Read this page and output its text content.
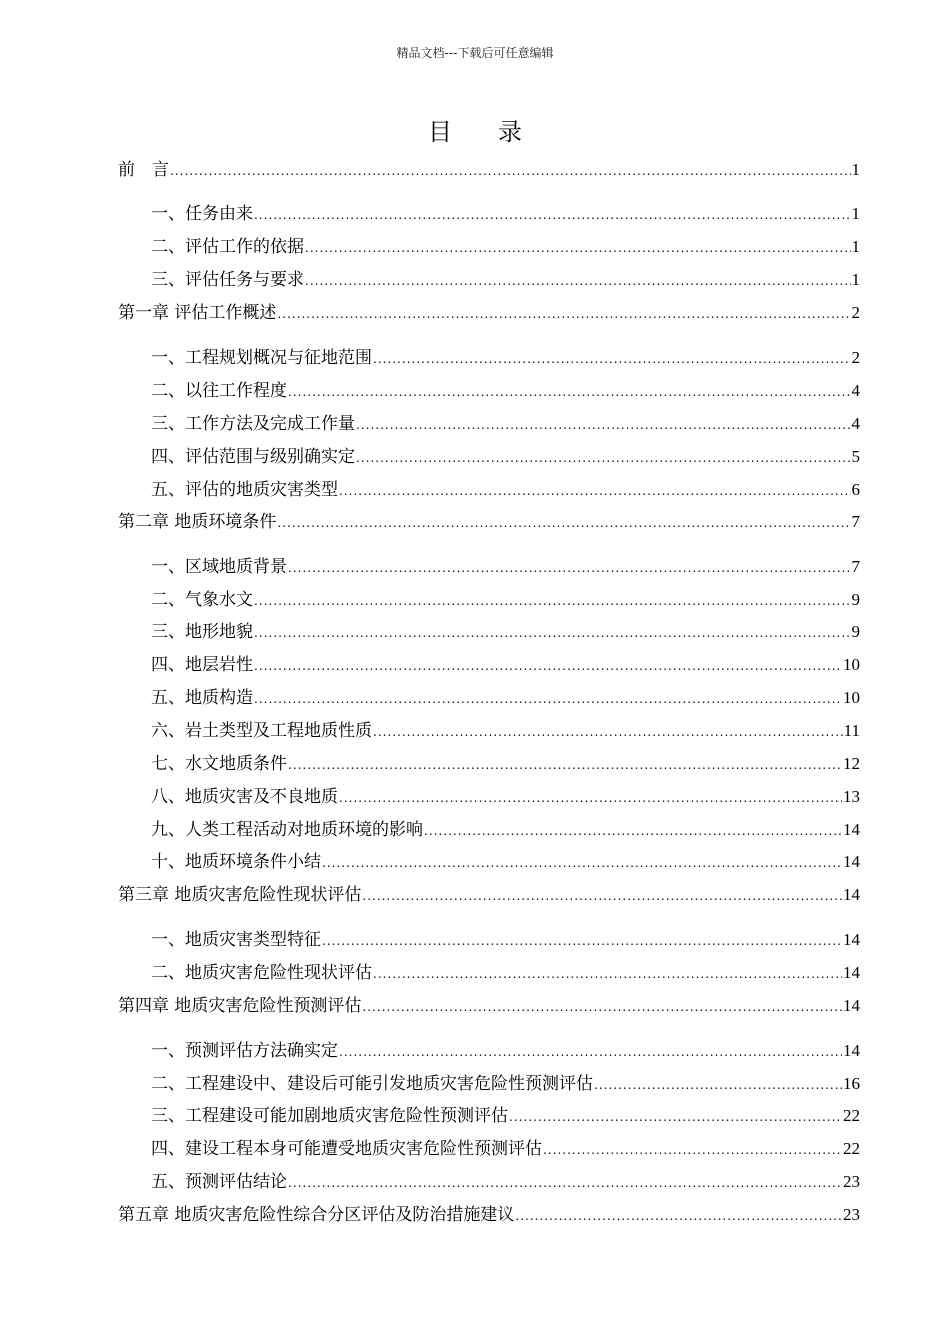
精品文档---下载后可任意编辑
目 录
前　言 .....	1
一、任务由来 .....	1
二、评估工作的依据 .....	1
三、评估任务与要求 .....	1
第一章 评估工作概述 .....	2
一、工程规划概况与征地范围 .....	2
二、以往工作程度 .....	4
三、工作方法及完成工作量 .....	4
四、评估范围与级别确实定 .....	5
五、评估的地质灾害类型 .....	6
第二章 地质环境条件 .....	7
一、区域地质背景 .....	7
二、气象水文 .....	9
三、地形地貌 .....	9
四、地层岩性 .....	10
五、地质构造 .....	10
六、岩土类型及工程地质性质 .....	11
七、水文地质条件 .....	12
八、地质灾害及不良地质 .....	13
九、人类工程活动对地质环境的影响 .....	14
十、地质环境条件小结 .....	14
第三章 地质灾害危险性现状评估 .....	14
一、地质灾害类型特征 .....	14
二、地质灾害危险性现状评估 .....	14
第四章 地质灾害危险性预测评估 .....	14
一、预测评估方法确实定 .....	14
二、工程建设中、建设后可能引发地质灾害危险性预测评估 .....	16
三、工程建设可能加剧地质灾害危险性预测评估 .....	22
四、建设工程本身可能遭受地质灾害危险性预测评估 .....	22
五、预测评估结论 .....	23
第五章 地质灾害危险性综合分区评估及防治措施建议 .....	23
